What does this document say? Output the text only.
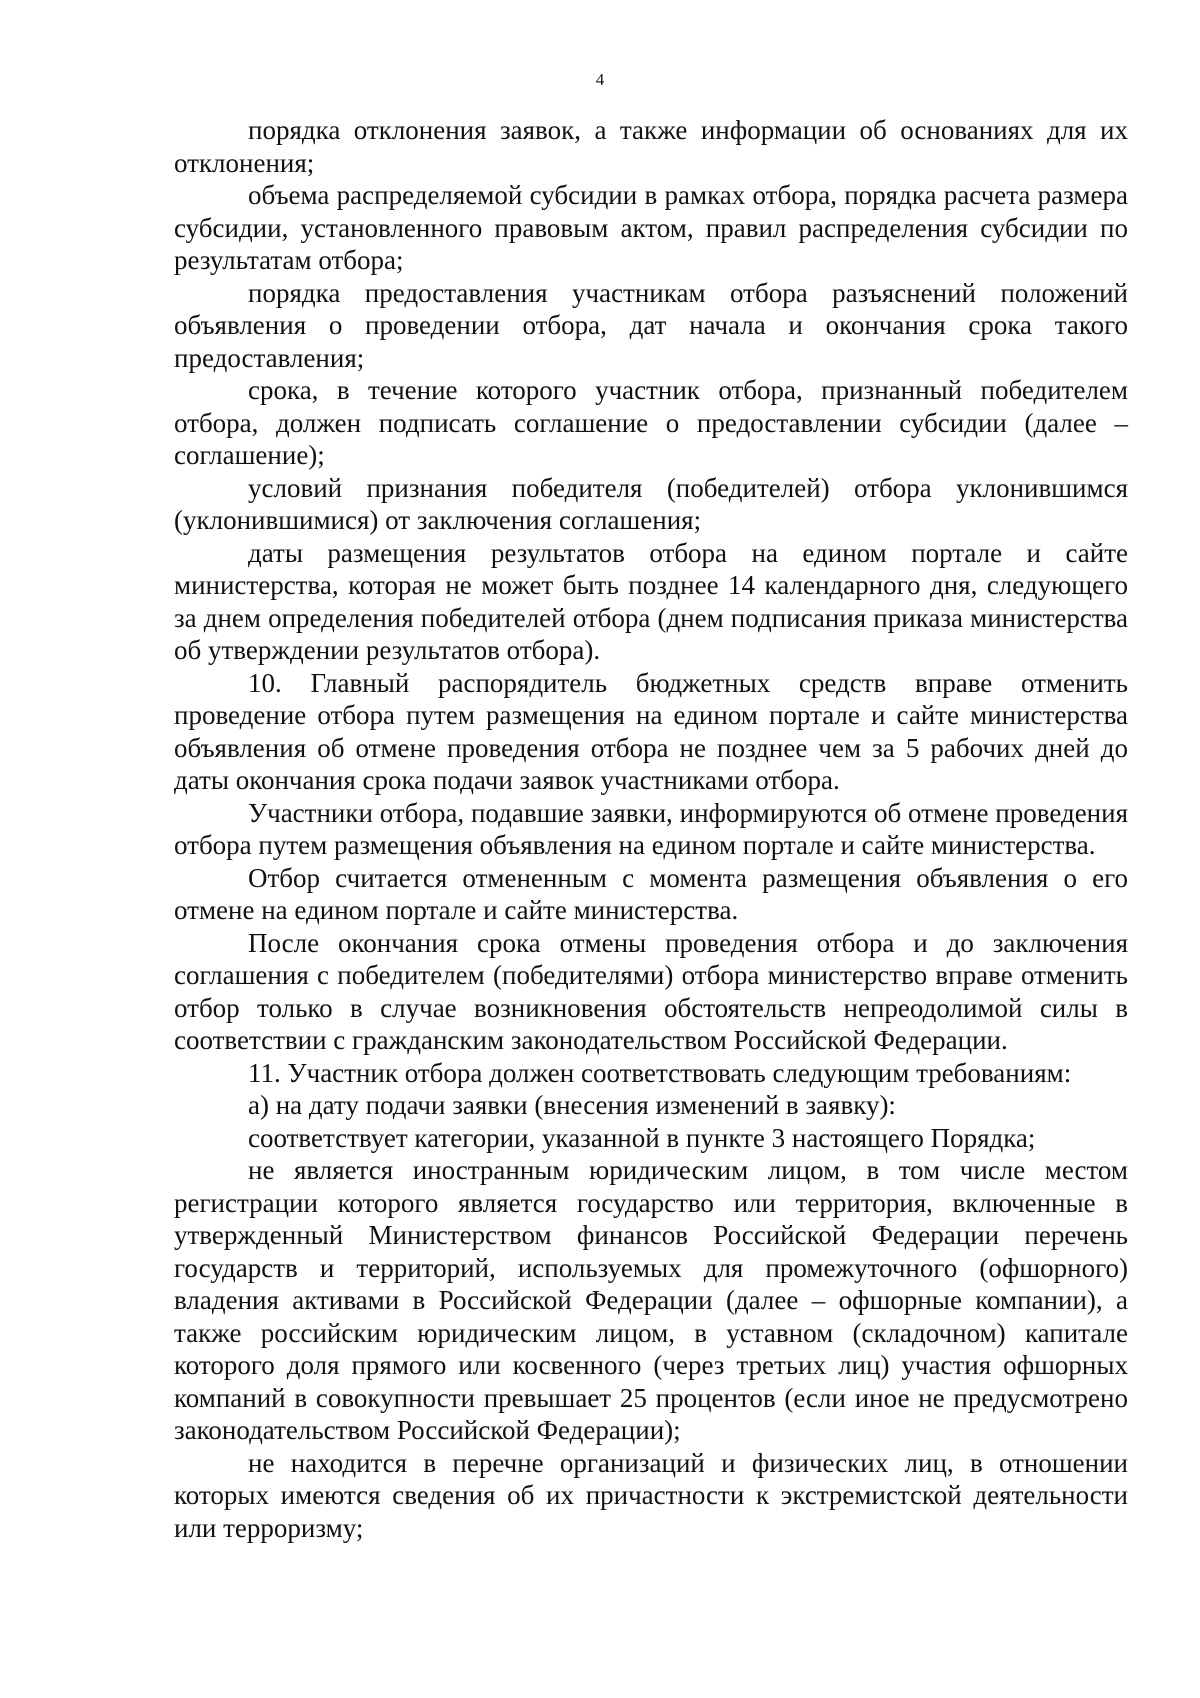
4

порядка отклонения заявок, а также информации об основаниях для их отклонения;

объема распределяемой субсидии в рамках отбора, порядка расчета размера субсидии, установленного правовым актом, правил распределения субсидии по результатам отбора;

порядка предоставления участникам отбора разъяснений положений объявления о проведении отбора, дат начала и окончания срока такого предоставления;

срока, в течение которого участник отбора, признанный победителем отбора, должен подписать соглашение о предоставлении субсидии (далее – соглашение);

условий признания победителя (победителей) отбора уклонившимся (уклонившимися) от заключения соглашения;

даты размещения результатов отбора на едином портале и сайте министерства, которая не может быть позднее 14 календарного дня, следующего за днем определения победителей отбора (днем подписания приказа министерства об утверждении результатов отбора).

10. Главный распорядитель бюджетных средств вправе отменить проведение отбора путем размещения на едином портале и сайте министерства объявления об отмене проведения отбора не позднее чем за 5 рабочих дней до даты окончания срока подачи заявок участниками отбора.

Участники отбора, подавшие заявки, информируются об отмене проведения отбора путем размещения объявления на едином портале и сайте министерства.

Отбор считается отмененным с момента размещения объявления о его отмене на едином портале и сайте министерства.

После окончания срока отмены проведения отбора и до заключения соглашения с победителем (победителями) отбора министерство вправе отменить отбор только в случае возникновения обстоятельств непреодолимой силы в соответствии с гражданским законодательством Российской Федерации.

11. Участник отбора должен соответствовать следующим требованиям:

а) на дату подачи заявки (внесения изменений в заявку):

соответствует категории, указанной в пункте 3 настоящего Порядка;

не является иностранным юридическим лицом, в том числе местом регистрации которого является государство или территория, включенные в утвержденный Министерством финансов Российской Федерации перечень государств и территорий, используемых для промежуточного (офшорного) владения активами в Российской Федерации (далее – офшорные компании), а также российским юридическим лицом, в уставном (складочном) капитале которого доля прямого или косвенного (через третьих лиц) участия офшорных компаний в совокупности превышает 25 процентов (если иное не предусмотрено законодательством Российской Федерации);

не находится в перечне организаций и физических лиц, в отношении которых имеются сведения об их причастности к экстремистской деятельности или терроризму;
